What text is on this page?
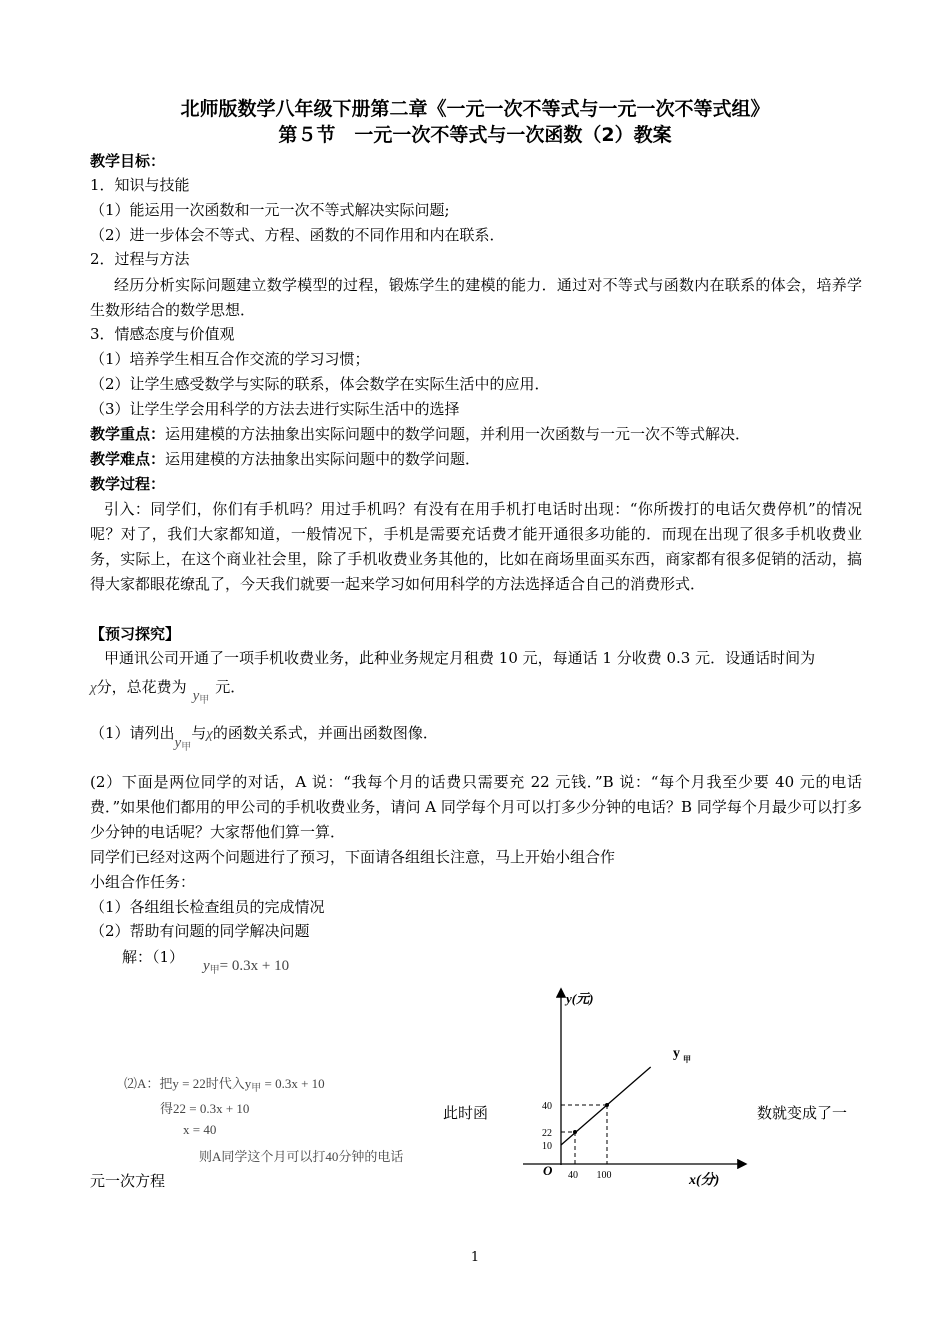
北师版数学八年级下册第二章《一元一次不等式与一元一次不等式组》
第５节　一元一次不等式与一次函数（2）教案
教学目标：
1．知识与技能
（1）能运用一次函数和一元一次不等式解决实际问题;
（2）进一步体会不等式、方程、函数的不同作用和内在联系．
2．过程与方法
经历分析实际问题建立数学模型的过程，锻炼学生的建模的能力．通过对不等式与函数内在联系的体会，培养学生数形结合的数学思想．
3．情感态度与价值观
（1）培养学生相互合作交流的学习习惯；
（2）让学生感受数学与实际的联系，体会数学在实际生活中的应用．
（3）让学生学会用科学的方法去进行实际生活中的选择
教学重点：运用建模的方法抽象出实际问题中的数学问题，并利用一次函数与一元一次不等式解决．
教学难点：运用建模的方法抽象出实际问题中的数学问题．
教学过程：
引入：同学们，你们有手机吗？用过手机吗？有没有在用手机打电话时出现：“你所拨打的电话欠费停机”的情况呢？对了，我们大家都知道，一般情况下，手机是需要充话费才能开通很多功能的．而现在出现了很多手机收费业务，实际上，在这个商业社会里，除了手机收费业务其他的，比如在商场里面买东西，商家都有很多促销的活动，搞得大家都眼花缭乱了，今天我们就要一起来学习如何用科学的方法选择适合自己的消费形式．
【预习探究】
甲通讯公司开通了一项手机收费业务，此种业务规定月租费 10 元，每通话 1 分收费 0.3 元．设通话时间为
χ分，总花费为 $y_甲$元．
（1）请列出$y_甲$与χ的函数关系式，并画出函数图像．
(2）下面是两位同学的对话，A 说：“我每个月的话费只需要充 22 元钱．”B 说：“每个月我至少要 40 元的电话费．”如果他们都用的甲公司的手机收费业务，请问 A 同学每个月可以打多少分钟的电话？B 同学每个月最少可以打多少分钟的电话呢？大家帮他们算一算．
同学们已经对这两个问题进行了预习，下面请各组组长注意，马上开始小组合作
小组合作任务：
（1）各组组长检查组员的完成情况
（2）帮助有问题的同学解决问题
解：（1） $y_甲= 0.3x + 10$
⑵A：把y = 22时代入$y_甲 = 0.3x + 10$
得22 = 0.3x + 10
x = 40
则A同学这个月可以打40分钟的电话
此时函	数就变成了一
元一次方程
y(元)
x(分)
O 40 100
10
22
40
y 甲
1
